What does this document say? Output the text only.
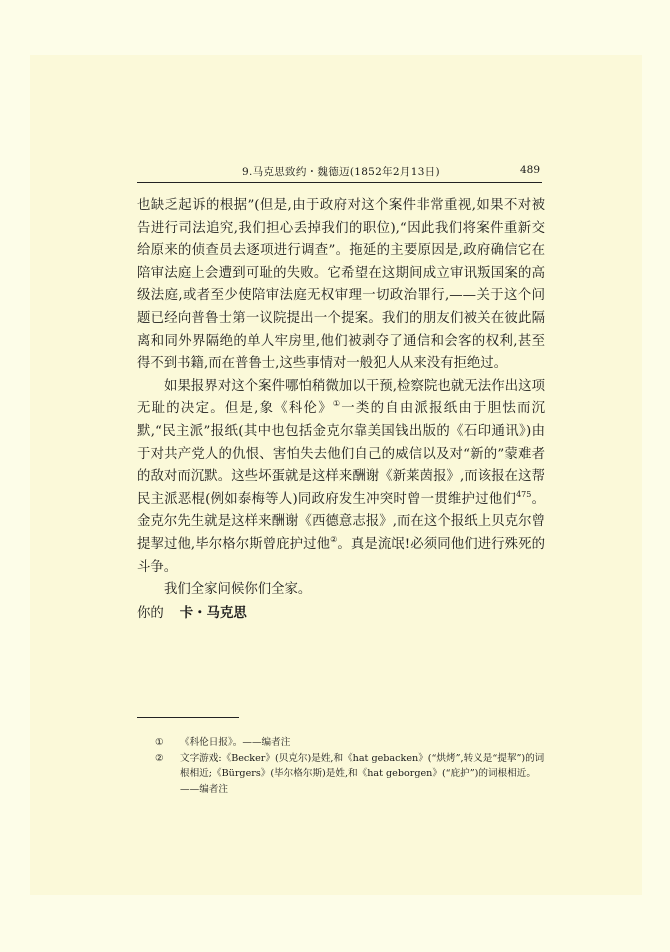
9.马克思致约・魏德迈(1852年2月13日)	489

也缺乏起诉的根据”(但是,由于政府对这个案件非常重视,如果不对被告进行司法追究,我们担心丢掉我们的职位),“因此我们将案件重新交给原来的侦查员去逐项进行调查”。拖延的主要原因是,政府确信它在陪审法庭上会遭到可耻的失败。它希望在这期间成立审讯叛国案的高级法庭,或者至少使陪审法庭无权审理一切政治罪行,——关于这个问题已经向普鲁士第一议院提出一个提案。我们的朋友们被关在彼此隔离和同外界隔绝的单人牢房里,他们被剥夺了通信和会客的权利,甚至得不到书籍,而在普鲁士,这些事情对一般犯人从来没有拒绝过。

如果报界对这个案件哪怕稍微加以干预,检察院也就无法作出这项无耻的决定。但是,象《科伦》①一类的自由派报纸由于胆怯而沉默,“民主派”报纸(其中也包括金克尔靠美国钱出版的《石印通讯》)由于对共产党人的仇恨、害怕失去他们自己的威信以及对“新的”蒙难者的敌对而沉默。这些坏蛋就是这样来酬谢《新莱茵报》,而该报在这帮民主派恶棍(例如泰梅等人)同政府发生冲突时曾一贯维护过他们$^{475}$。金克尔先生就是这样来酬谢《西德意志报》,而在这个报纸上贝克尔曾提挈过他,毕尔格尔斯曾庇护过他②。真是流氓!必须同他们进行殊死的斗争。

我们全家问候你们全家。

你的 卡・马克思

① 《科伦日报》。——编者注
② 文字游戏:《Becker》(贝克尔)是姓,和《hat gebacken》(“烘烤”,转义是“提挈”)的词根相近;《Bürgers》(毕尔格尔斯)是姓,和《hat geborgen》(“庇护”)的词根相近。——编者注
